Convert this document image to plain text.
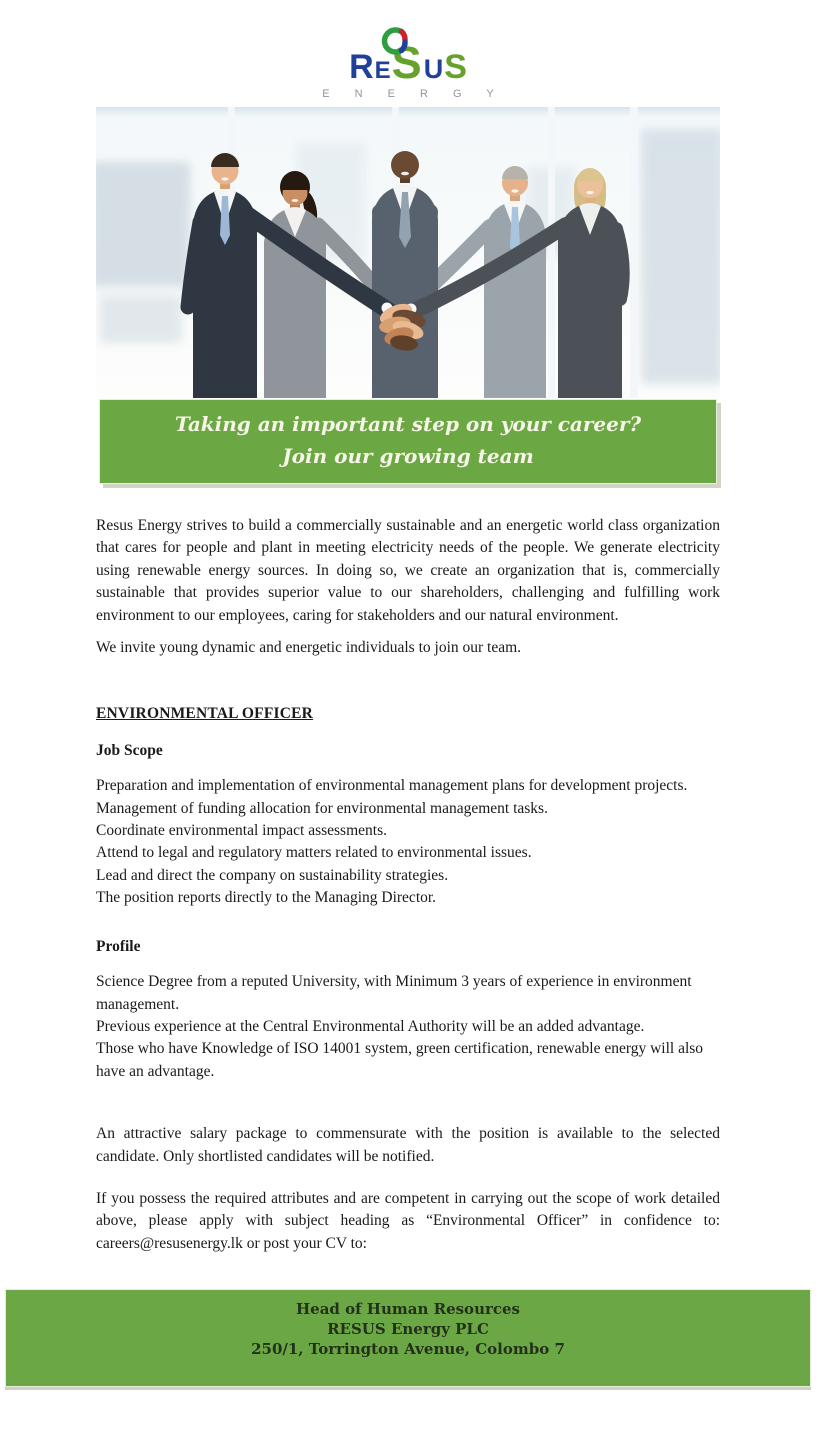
R E S U S
E N E R G Y
Taking an important step on your career?
Join our growing team

Resus Energy strives to build a commercially sustainable and an energetic world class organization that cares for people and plant in meeting electricity needs of the people. We generate electricity using renewable energy sources. In doing so, we create an organization that is, commercially sustainable that provides superior value to our shareholders, challenging and fulfilling work environment to our employees, caring for stakeholders and our natural environment.

We invite young dynamic and energetic individuals to join our team.

ENVIRONMENTAL OFFICER
Job Scope
Preparation and implementation of environmental management plans for development projects.
Management of funding allocation for environmental management tasks.
Coordinate environmental impact assessments.
Attend to legal and regulatory matters related to environmental issues.
Lead and direct the company on sustainability strategies.
The position reports directly to the Managing Director.
Profile
Science Degree from a reputed University, with Minimum 3 years of experience in environment management.
Previous experience at the Central Environmental Authority will be an added advantage.
Those who have Knowledge of ISO 14001 system, green certification, renewable energy will also have an advantage.

An attractive salary package to commensurate with the position is available to the selected candidate. Only shortlisted candidates will be notified.

If you possess the required attributes and are competent in carrying out the scope of work detailed above, please apply with subject heading as “Environmental Officer” in confidence to: careers@resusenergy.lk or post your CV to:

Head of Human Resources
RESUS Energy PLC
250/1, Torrington Avenue, Colombo 7
